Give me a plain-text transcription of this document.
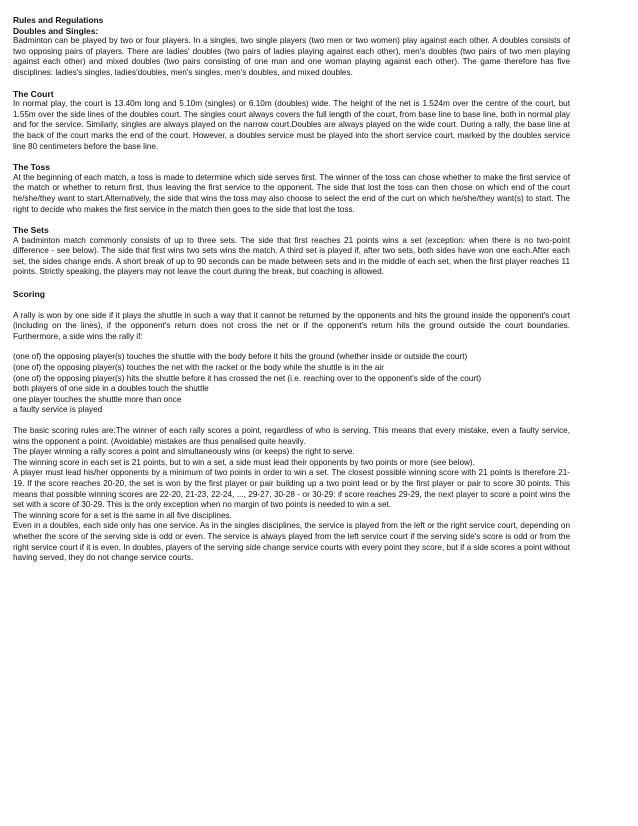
Rules and Regulations

Doubles and Singles:

Badminton can be played by two or four players. In a singles, two single players (two men or two women) play against each other. A doubles consists of two opposing pairs of players. There are ladies' doubles (two pairs of ladies playing against each other), men's doubles (two pairs of two men playing against each other) and mixed doubles (two pairs consisting of one man and one woman playing against each other). The game therefore has five disciplines: ladies's singles, ladies'doubles, men's singles, men's doubles, and mixed doubles.

The Court

In normal play, the court is 13.40m long and 5.10m (singles) or 6.10m (doubles) wide. The height of the net is 1.524m over the centre of the court, but 1.55m over the side lines of the doubles court. The singles court always covers the full length of the court, from base line to base line, both in normal play and for the service. Similarly, singles are always played on the narrow court.Doubles are always played on the wide court. During a rally, the base line at the back of the court marks the end of the court. However, a doubles service must be played into the short service court, marked by the doubles service line 80 centimeters before the base line.

The Toss

At the beginning of each match, a toss is made to determine which side serves first. The winner of the toss can chose whether to make the first service of the match or whether to return first, thus leaving the first service to the opponent. The side that lost the toss can then chose on which end of the court he/she/they want to start.Alternatively, the side that wins the toss may also choose to select the end of the curt on which he/she/they want(s) to start. The right to decide who makes the first service in the match then goes to the side that lost the toss.

The Sets

A badminton match commonly consists of up to three sets. The side that first reaches 21 points wins a set (exception: when there is no two-point difference - see below). The side that first wins two sets wins the match. A third set is played if, after two sets, both sides have won one each.After each set, the sides change ends. A short break of up to 90 seconds can be made between sets and in the middle of each set, when the first player reaches 11 points. Strictly speaking, the players may not leave the court during the break, but coaching is allowed.

Scoring

A rally is won by one side if it plays the shuttle in such a way that it cannot be returned by the opponents and hits the ground inside the opponent's court (including on the lines), if the opponent's return does not cross the net or if the opponent's return hits the ground outside the court boundaries. Furthermore, a side wins the rally if:

(one of) the opposing player(s) touches the shuttle with the body before it hits the ground (whether inside or outside the court)
(one of) the opposing player(s) touches the net with the racket or the body while the shuttle is in the air
(one of) the opposing player(s) hits the shuttle before it has crossed the net (i.e. reaching over to the opponent's side of the court)
both players of one side in a doubles touch the shuttle
one player touches the shuttle more than once
a faulty service is played

The basic scoring rules are:The winner of each rally scores a point, regardless of who is serving. This means that every mistake, even a faulty service, wins the opponent a point. (Avoidable) mistakes are thus penalised quite heavily.

The player winning a rally scores a point and simultaneously wins (or keeps) the right to serve.

The winning score in each set is 21 points, but to win a set, a side must lead their opponents by two points or more (see below).

A player must lead his/her opponents by a minimum of two points in order to win a set. The closest possible winning score with 21 points is therefore 21-19. If the score reaches 20-20, the set is won by the first player or pair building up a two point lead or by the first player or pair to score 30 points. This means that possible winning scores are 22-20, 21-23, 22-24, ..., 29-27, 30-28 - or 30-29: if score reaches 29-29, the next player to score a point wins the set with a score of 30-29. This is the only exception when no margin of two points is needed to win a set.

The winning score for a set is the same in all five disciplines.

Even in a doubles, each side only has one service. As in the singles disciplines, the service is played from the left or the right service court, depending on whether the score of the serving side is odd or even. The service is always played from the left service court if the serving side's score is odd or from the right service court if it is even. In doubles, players of the serving side change service courts with every point they score, but if a side scores a point without having served, they do not change service courts.
